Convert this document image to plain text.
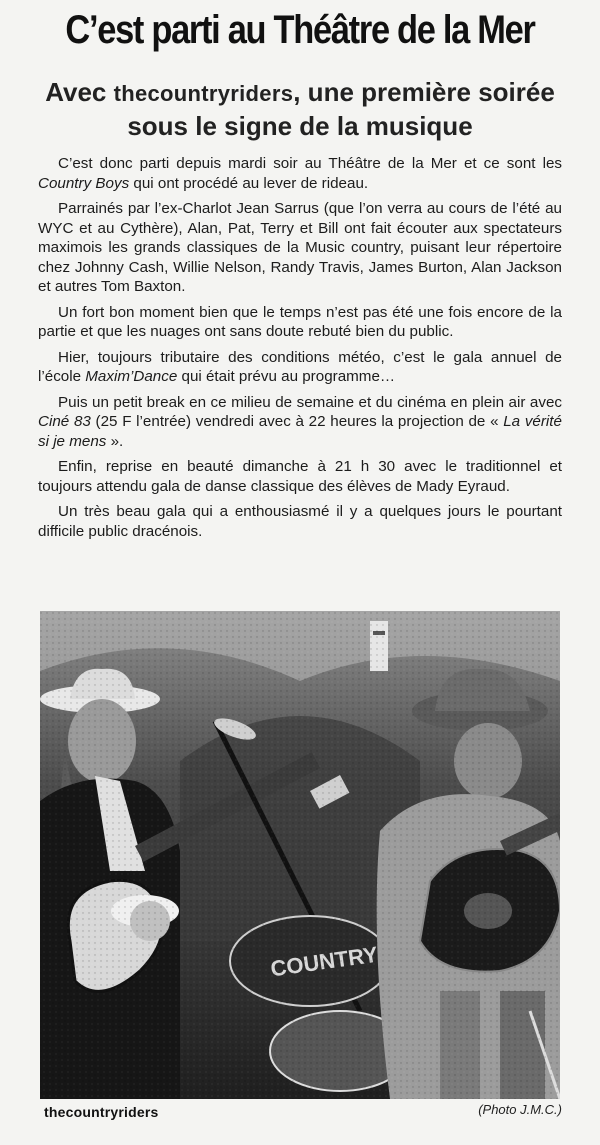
C’est parti au Théâtre de la Mer
Avec thecountryriders, une première soirée sous le signe de la musique

C’est donc parti depuis mardi soir au Théâtre de la Mer et ce sont les Country Boys qui ont procédé au lever de rideau.

Parrainés par l’ex-Charlot Jean Sarrus (que l’on verra au cours de l’été au WYC et au Cythère), Alan, Pat, Terry et Bill ont fait écouter aux spectateurs maximois les grands classiques de la Music country, puisant leur répertoire chez Johnny Cash, Willie Nelson, Randy Travis, James Burton, Alan Jackson et autres Tom Baxton.

Un fort bon moment bien que le temps n’est pas été une fois encore de la partie et que les nuages ont sans doute rebuté bien du public.

Hier, toujours tributaire des conditions météo, c’est le gala annuel de l’école Maxim’Dance qui était prévu au programme…

Puis un petit break en ce milieu de semaine et du cinéma en plein air avec Ciné 83 (25 F l’entrée) vendredi avec à 22 heures la projection de « La vérité si je mens ».

Enfin, reprise en beauté dimanche à 21 h 30 avec le traditionnel et toujours attendu gala de danse classique des élèves de Mady Eyraud.

Un très beau gala qui a enthousiasmé il y a quelques jours le pourtant difficile public dracénois.

thecountryriders	(Photo J.M.C.)
